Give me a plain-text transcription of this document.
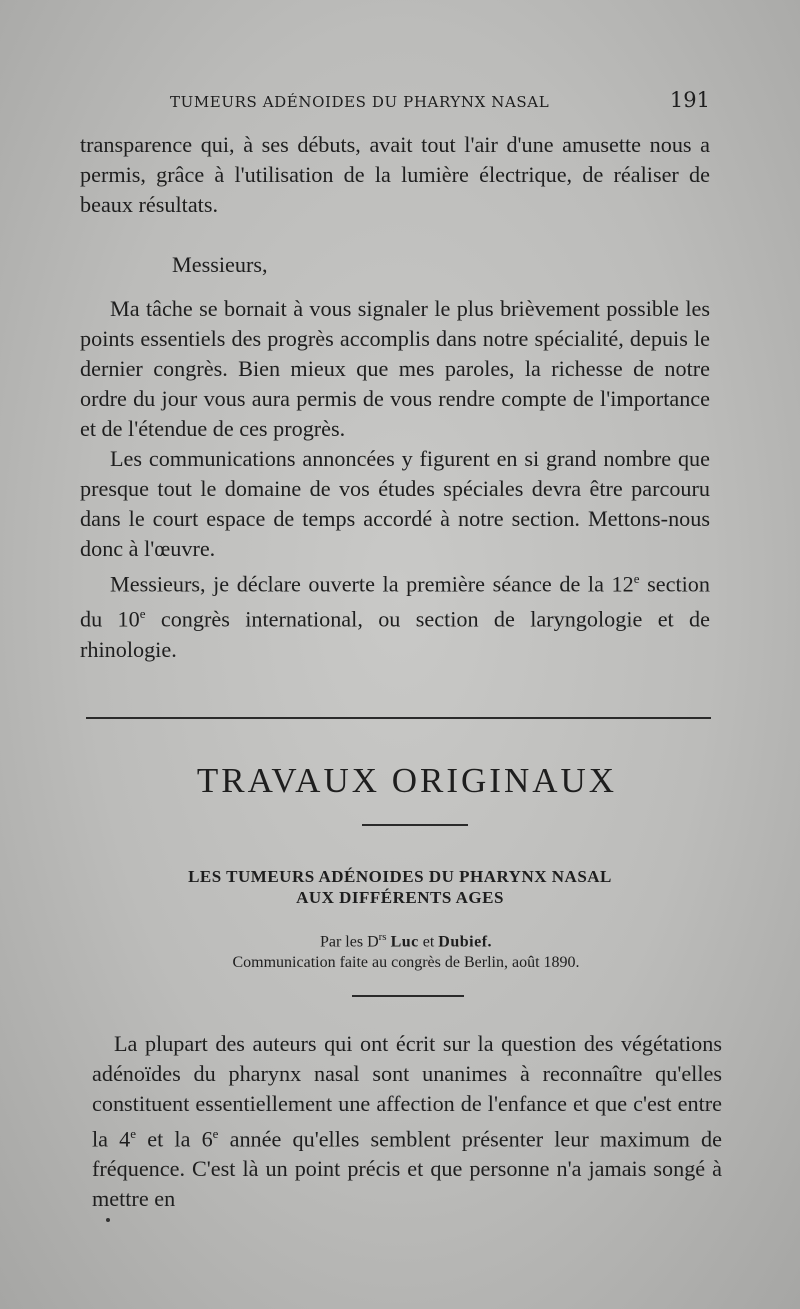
TUMEURS ADÉNOIDES DU PHARYNX NASAL	191

transparence qui, à ses débuts, avait tout l'air d'une amusette nous a permis, grâce à l'utilisation de la lumière électrique, de réaliser de beaux résultats.

Messieurs,

Ma tâche se bornait à vous signaler le plus brièvement possible les points essentiels des progrès accomplis dans notre spécialité, depuis le dernier congrès. Bien mieux que mes paroles, la richesse de notre ordre du jour vous aura permis de vous rendre compte de l'importance et de l'étendue de ces progrès.

Les communications annoncées y figurent en si grand nombre que presque tout le domaine de vos études spéciales devra être parcouru dans le court espace de temps accordé à notre section. Mettons-nous donc à l'œuvre.

Messieurs, je déclare ouverte la première séance de la 12e section du 10e congrès international, ou section de laryngologie et de rhinologie.

TRAVAUX ORIGINAUX
LES TUMEURS ADÉNOIDES DU PHARYNX NASAL
AUX DIFFÉRENTS AGES
Par les $D^{rs}$ Luc et Dubief.
Communication faite au congrès de Berlin, août 1890.

La plupart des auteurs qui ont écrit sur la question des végétations adénoïdes du pharynx nasal sont unanimes à reconnaître qu'elles constituent essentiellement une affection de l'enfance et que c'est entre la 4e et la 6e année qu'elles semblent présenter leur maximum de fréquence. C'est là un point précis et que personne n'a jamais songé à mettre en
